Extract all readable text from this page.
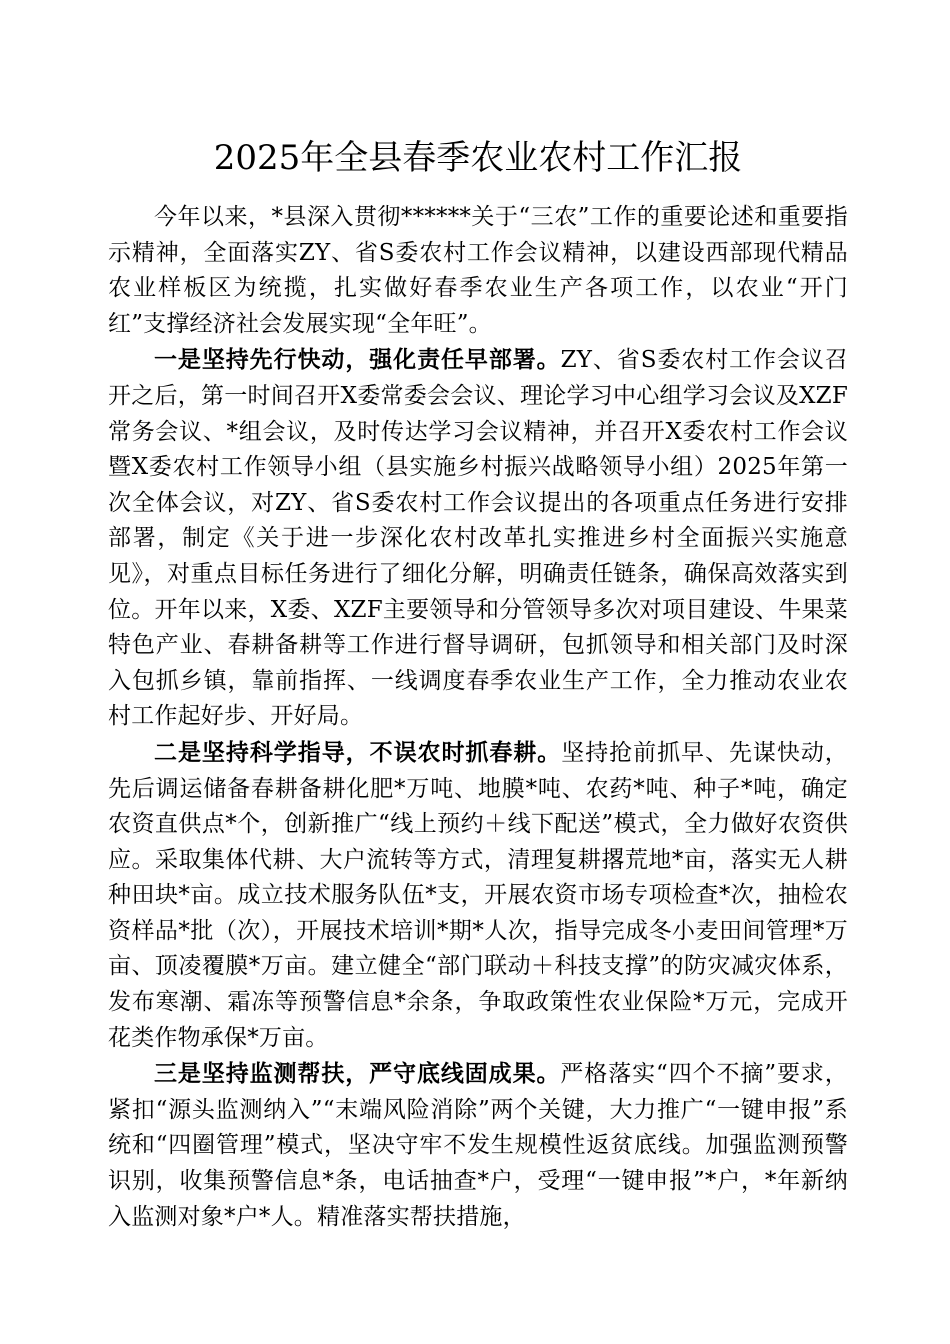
2025年全县春季农业农村工作汇报

今年以来，*县深入贯彻******关于“三农”工作的重要论述和重要指示精神，全面落实ZY、省S委农村工作会议精神，以建设西部现代精品农业样板区为统揽，扎实做好春季农业生产各项工作，以农业“开门红”支撑经济社会发展实现“全年旺”。

一是坚持先行快动，强化责任早部署。ZY、省S委农村工作会议召开之后，第一时间召开X委常委会会议、理论学习中心组学习会议及XZF常务会议、*组会议，及时传达学习会议精神，并召开X委农村工作会议暨X委农村工作领导小组（县实施乡村振兴战略领导小组）2025年第一次全体会议，对ZY、省S委农村工作会议提出的各项重点任务进行安排部署，制定《关于进一步深化农村改革扎实推进乡村全面振兴实施意见》，对重点目标任务进行了细化分解，明确责任链条，确保高效落实到位。开年以来，X委、XZF主要领导和分管领导多次对项目建设、牛果菜特色产业、春耕备耕等工作进行督导调研，包抓领导和相关部门及时深入包抓乡镇，靠前指挥、一线调度春季农业生产工作，全力推动农业农村工作起好步、开好局。

二是坚持科学指导，不误农时抓春耕。坚持抢前抓早、先谋快动，先后调运储备春耕备耕化肥*万吨、地膜*吨、农药*吨、种子*吨，确定农资直供点*个，创新推广“线上预约＋线下配送”模式，全力做好农资供应。采取集体代耕、大户流转等方式，清理复耕撂荒地*亩，落实无人耕种田块*亩。成立技术服务队伍*支，开展农资市场专项检查*次，抽检农资样品*批（次），开展技术培训*期*人次，指导完成冬小麦田间管理*万亩、顶凌覆膜*万亩。建立健全“部门联动＋科技支撑”的防灾减灾体系，发布寒潮、霜冻等预警信息*余条，争取政策性农业保险*万元，完成开花类作物承保*万亩。

三是坚持监测帮扶，严守底线固成果。严格落实“四个不摘”要求，紧扣“源头监测纳入”“末端风险消除”两个关键，大力推广“一键申报”系统和“四圈管理”模式，坚决守牢不发生规模性返贫底线。加强监测预警识别，收集预警信息*条，电话抽查*户，受理“一键申报”*户，*年新纳入监测对象*户*人。精准落实帮扶措施，
